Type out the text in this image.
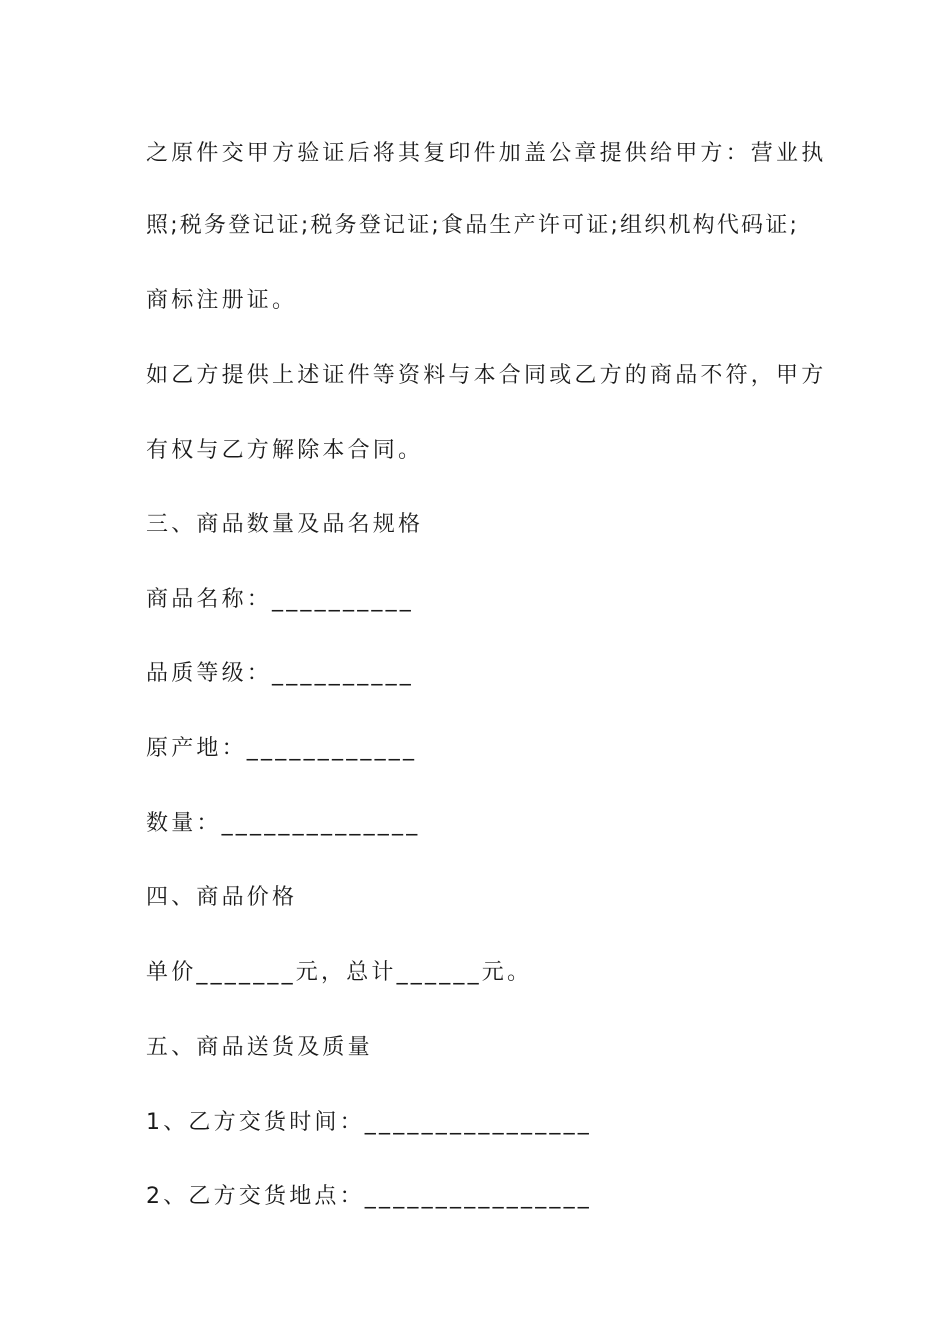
之原件交甲方验证后将其复印件加盖公章提供给甲方：营业执
照;税务登记证;税务登记证;食品生产许可证;组织机构代码证;
商标注册证。
如乙方提供上述证件等资料与本合同或乙方的商品不符，甲方
有权与乙方解除本合同。
三、商品数量及品名规格
商品名称：__________
品质等级：__________
原产地：____________
数量：______________
四、商品价格
单价_______元，总计______元。
五、商品送货及质量
1、乙方交货时间：________________
2、乙方交货地点：________________
